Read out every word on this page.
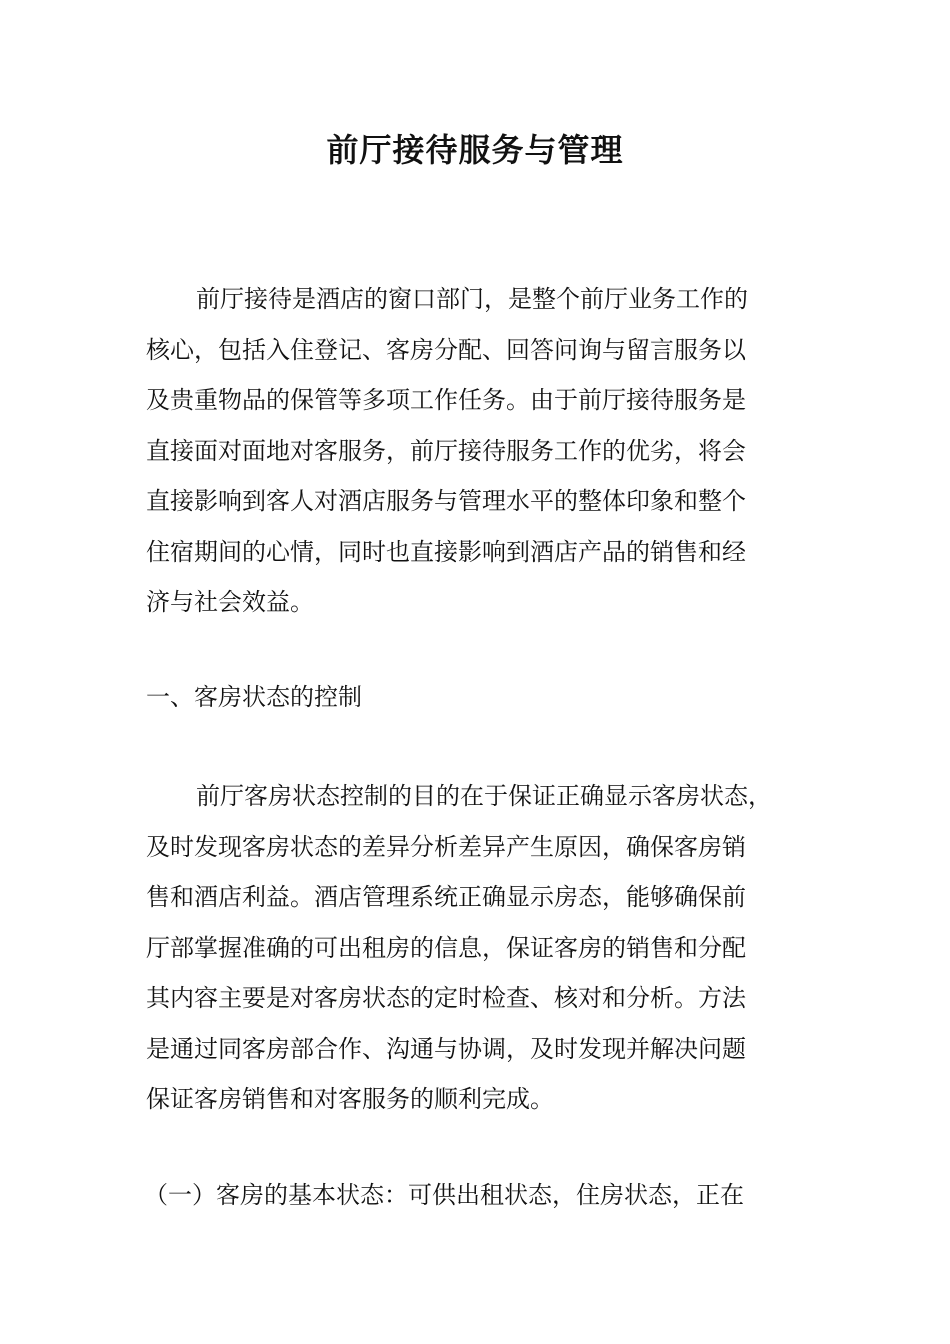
前厅接待服务与管理
前厅接待是酒店的窗口部门，是整个前厅业务工作的
核心，包括入住登记、客房分配、回答问询与留言服务以
及贵重物品的保管等多项工作任务。由于前厅接待服务是
直接面对面地对客服务，前厅接待服务工作的优劣，将会
直接影响到客人对酒店服务与管理水平的整体印象和整个
住宿期间的心情，同时也直接影响到酒店产品的销售和经
济与社会效益。
一、客房状态的控制
前厅客房状态控制的目的在于保证正确显示客房状态，
及时发现客房状态的差异分析差异产生原因，确保客房销
售和酒店利益。酒店管理系统正确显示房态，能够确保前
厅部掌握准确的可出租房的信息，保证客房的销售和分配
其内容主要是对客房状态的定时检查、核对和分析。方法
是通过同客房部合作、沟通与协调，及时发现并解决问题
保证客房销售和对客服务的顺利完成。
（一）客房的基本状态：可供出租状态，住房状态，正在
